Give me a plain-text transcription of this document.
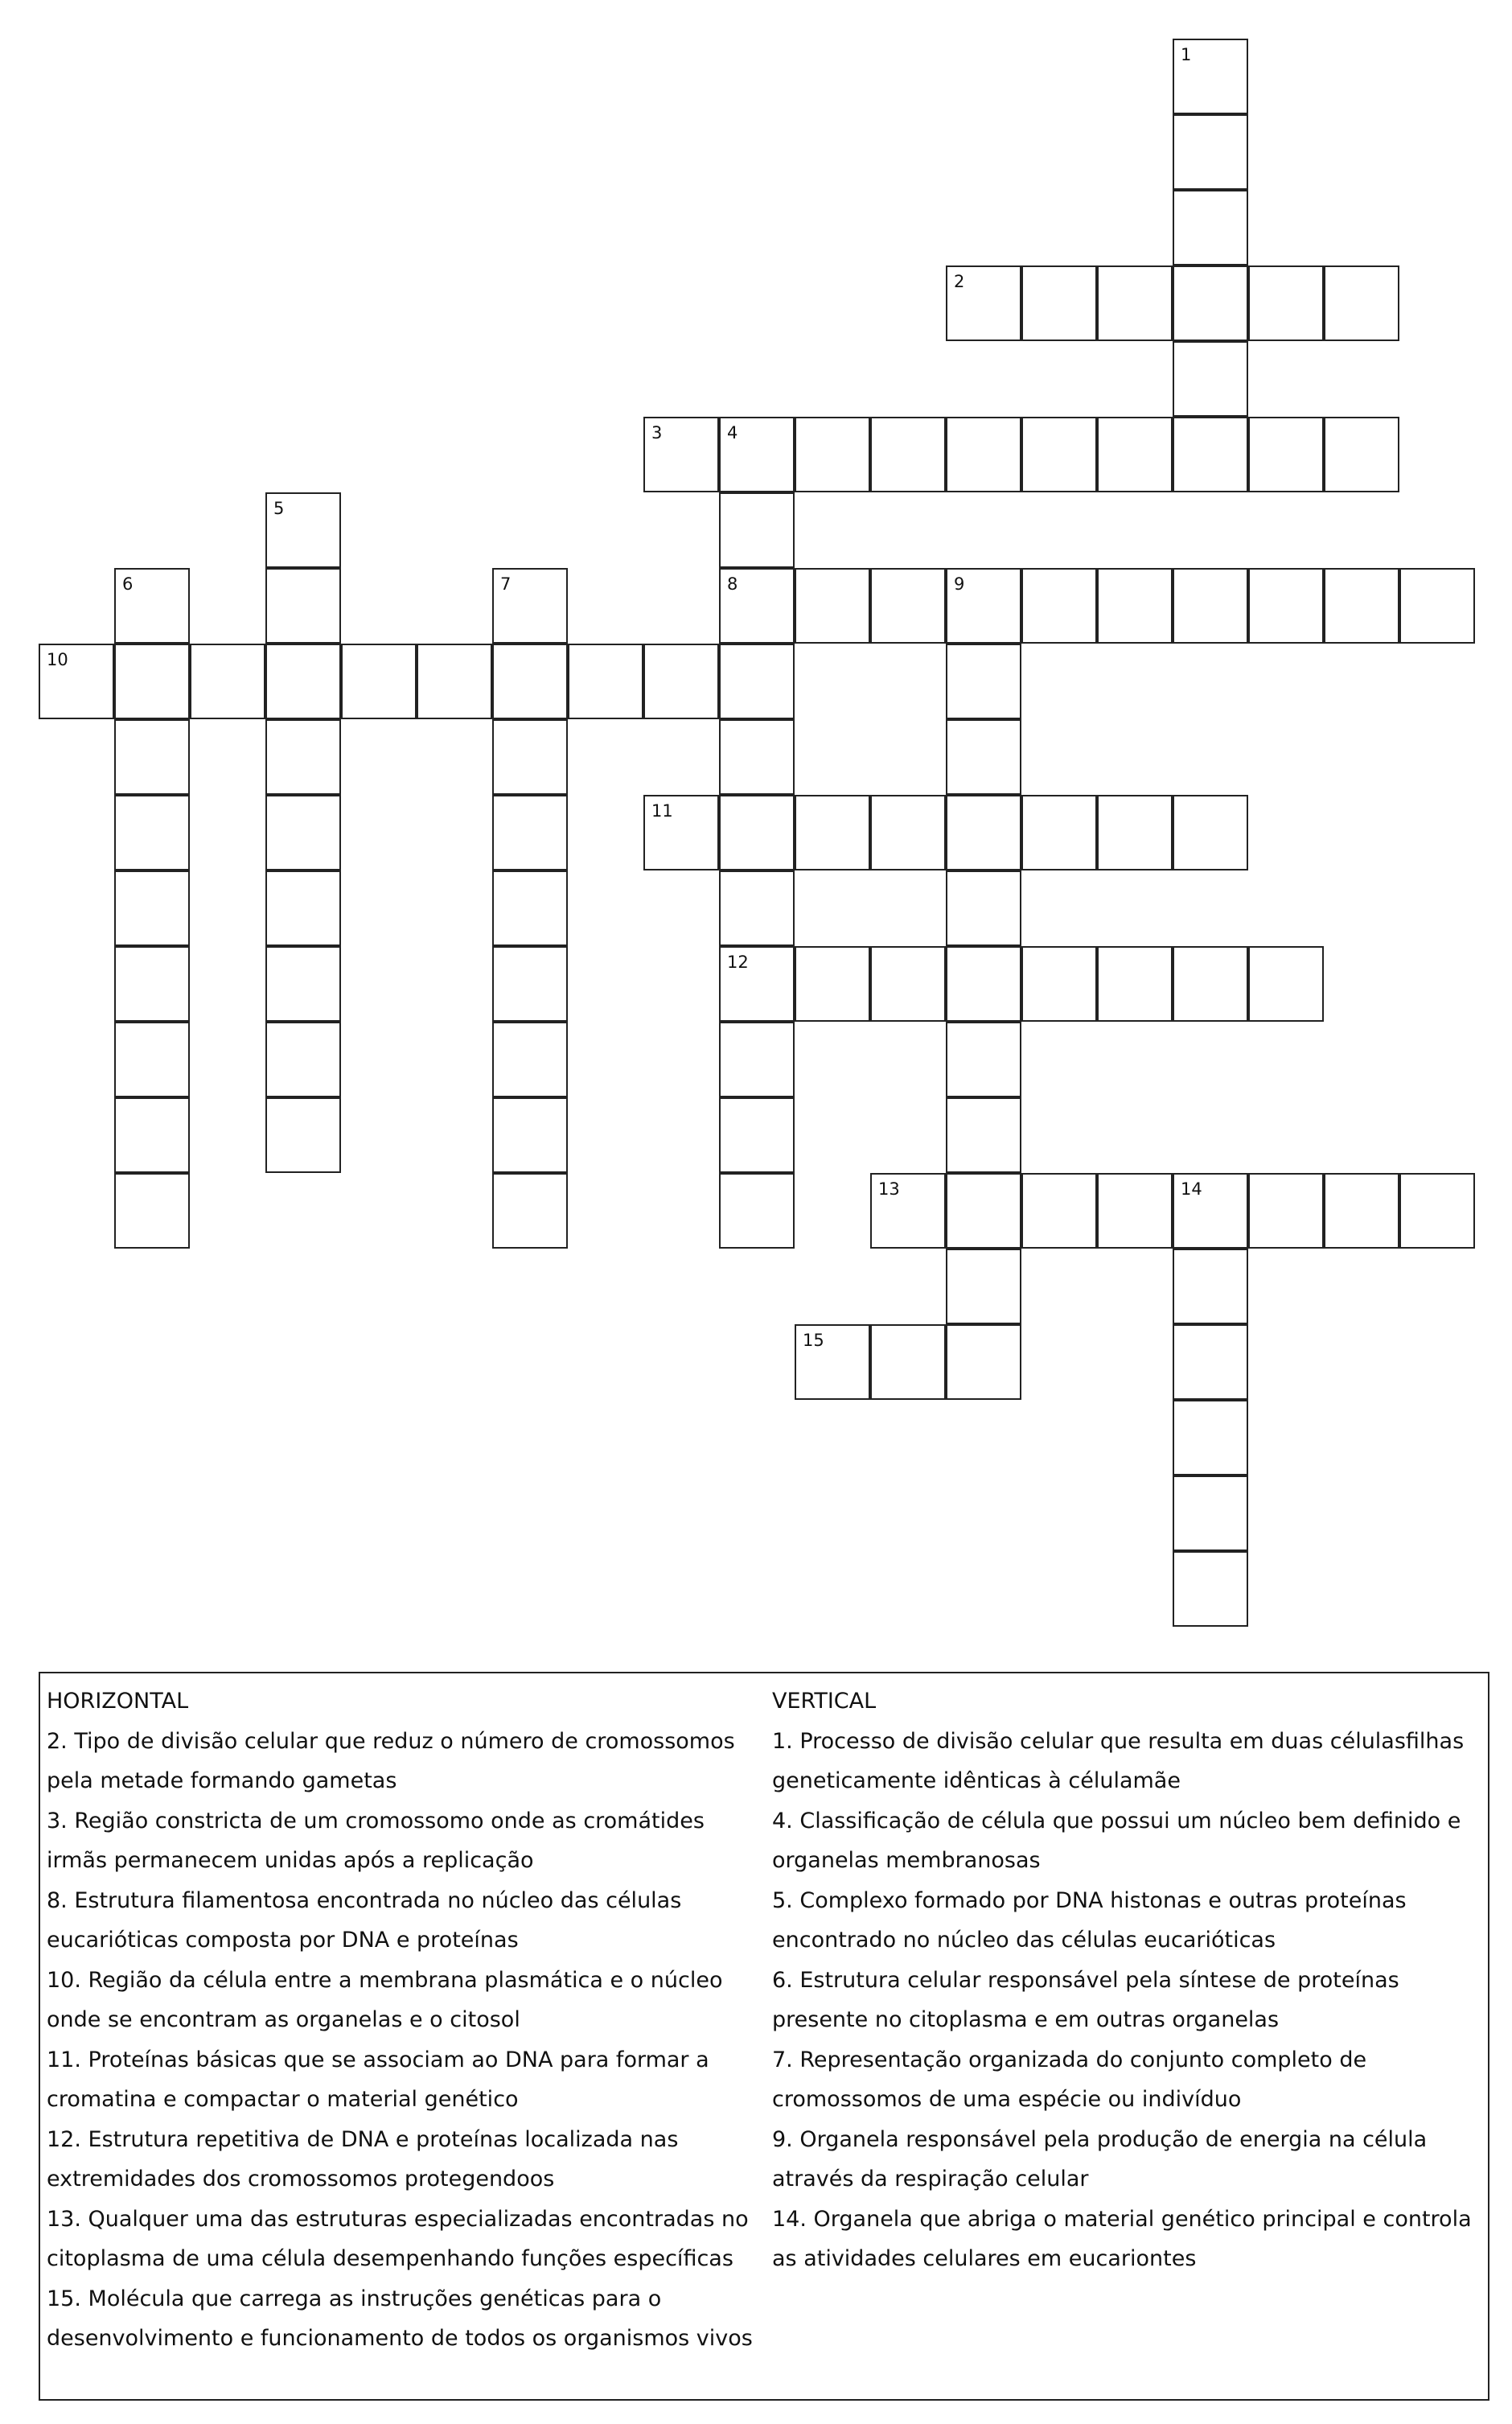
1
2
3	4
8
12
5
6	7	9
10
11
13	14
15

HORIZONTAL

2. Tipo de divisão celular que reduz o número de cromossomos pela metade formando gametas

3. Região constricta de um cromossomo onde as cromátides irmãs permanecem unidas após a replicação

8. Estrutura filamentosa encontrada no núcleo das células eucarióticas composta por DNA e proteínas

10. Região da célula entre a membrana plasmática e o núcleo onde se encontram as organelas e o citosol

11. Proteínas básicas que se associam ao DNA para formar a cromatina e compactar o material genético

12. Estrutura repetitiva de DNA e proteínas localizada nas extremidades dos cromossomos protegendoos

13. Qualquer uma das estruturas especializadas encontradas no citoplasma de uma célula desempenhando funções específicas

15. Molécula que carrega as instruções genéticas para o desenvolvimento e funcionamento de todos os organismos vivos

VERTICAL

1. Processo de divisão celular que resulta em duas célulasfilhas geneticamente idênticas à célulamãe

4. Classificação de célula que possui um núcleo bem definido e organelas membranosas

5. Complexo formado por DNA histonas e outras proteínas encontrado no núcleo das células eucarióticas

6. Estrutura celular responsável pela síntese de proteínas presente no citoplasma e em outras organelas

7. Representação organizada do conjunto completo de cromossomos de uma espécie ou indivíduo

9. Organela responsável pela produção de energia na célula através da respiração celular

14. Organela que abriga o material genético principal e controla as atividades celulares em eucariontes
